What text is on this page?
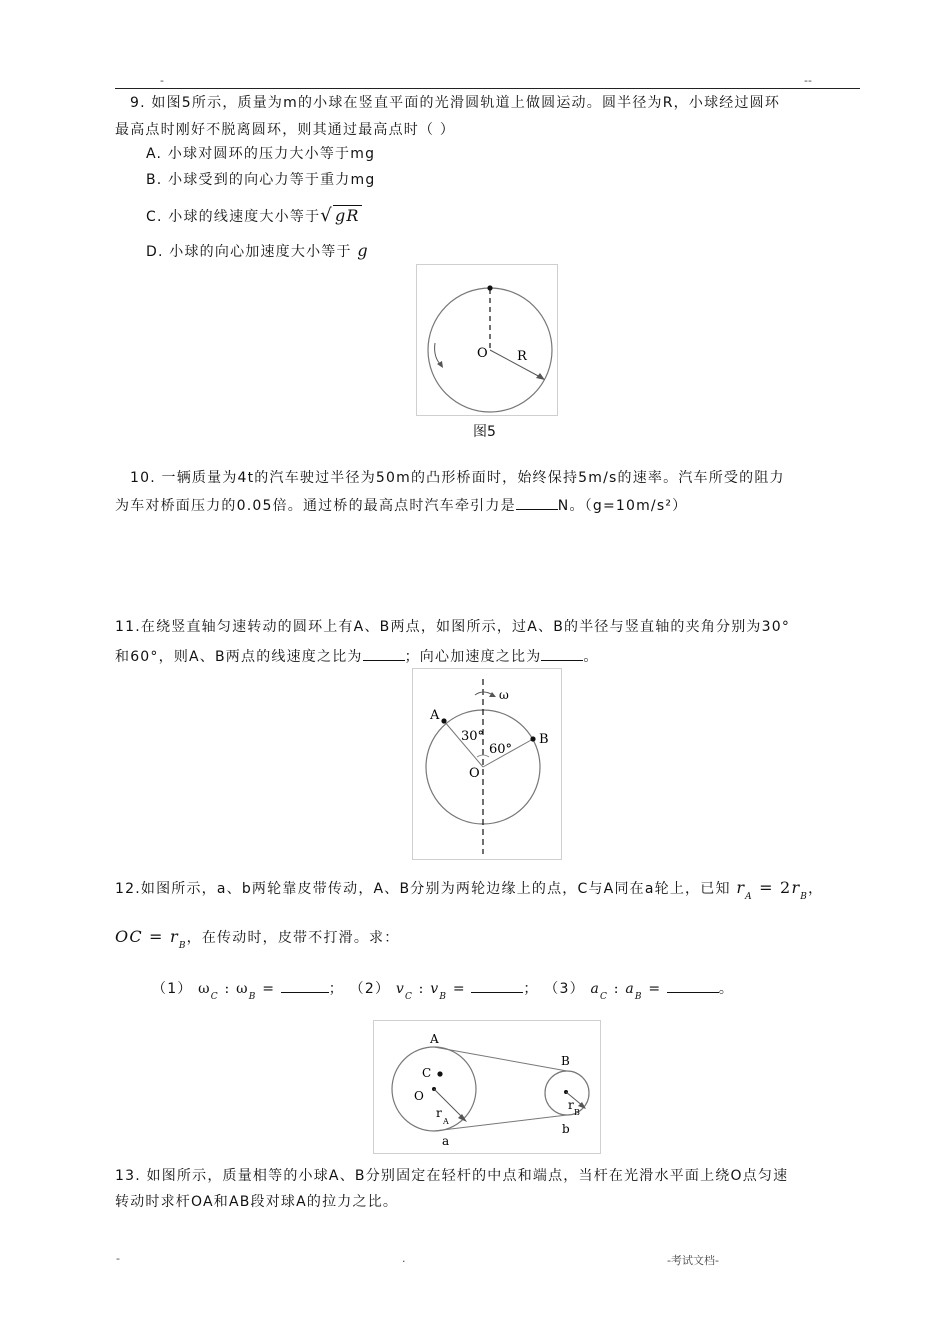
-	--
9. 如图5所示，质量为m的小球在竖直平面的光滑圆轨道上做圆运动。圆半径为R，小球经过圆环
最高点时刚好不脱离圆环，则其通过最高点时（ ）
A. 小球对圆环的压力大小等于mg
B. 小球受到的向心力等于重力mg
C. 小球的线速度大小等于√ gR
D. 小球的向心加速度大小等于 g
O R
图5
10. 一辆质量为4t的汽车驶过半径为50m的凸形桥面时，始终保持5m/s的速率。汽车所受的阻力
为车对桥面压力的0.05倍。通过桥的最高点时汽车牵引力是	N。（g=10m/s²）
11.在绕竖直轴匀速转动的圆环上有A、B两点，如图所示，过A、B的半径与竖直轴的夹角分别为30°
和60°，则A、B两点的线速度之比为	；向心加速度之比为	。
ω
A
B
30°
60°
O
12.如图所示，a、b两轮靠皮带传动，A、B分别为两轮边缘上的点，C与A同在a轮上，已知 $r_A = 2r_B$，
OC = $r_B$，在传动时，皮带不打滑。求：
（1） $\omega_C$ : $\omega_B$ =	； （2） $v_C$ : $v_B$ =	； （3） $a_C$ : $a_B$ =	。
A
C
O
B
r
A
r
B
a
b
13. 如图所示，质量相等的小球A、B分别固定在轻杆的中点和端点，当杆在光滑水平面上绕O点匀速
转动时求杆OA和AB段对球A的拉力之比。
-	.	-考试文档-
